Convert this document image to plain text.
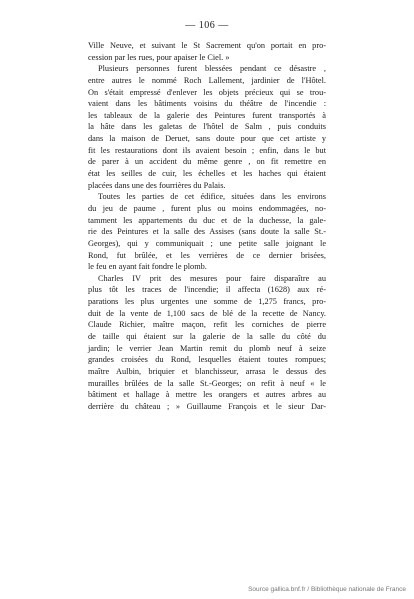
— 106 —
Ville Neuve, et suivant le St Sacrement qu'on portait en pro-
cession par les rues, pour apaiser le Ciel. »
Plusieurs personnes furent blessées pendant ce désastre ,
entre autres le nommé Roch Lallement, jardinier de l'Hôtel.
On s'était empressé d'enlever les objets précieux qui se trou-
vaient dans les bâtiments voisins du théâtre de l'incendie :
les tableaux de la galerie des Peintures furent transportés à
la hâte dans les galetas de l'hôtel de Salm , puis conduits
dans la maison de Deruet, sans doute pour que cet artiste y
fit les restaurations dont ils avaient besoin ; enfin, dans le but
de parer à un accident du même genre , on fit remettre en
état les seilles de cuir, les échelles et les haches qui étaient
placées dans une des fourrières du Palais.
Toutes les parties de cet édifice, situées dans les environs
du jeu de paume , furent plus ou moins endommagées, no-
tamment les appartements du duc et de la duchesse, la gale-
rie des Peintures et la salle des Assises (sans doute la salle St.-
Georges), qui y communiquait ; une petite salle joignant le
Rond, fut brûlée, et les verrières de ce dernier brisées,
le feu en ayant fait fondre le plomb.
Charles IV prit des mesures pour faire disparaître au
plus tôt les traces de l'incendie; il affecta (1628) aux ré-
parations les plus urgentes une somme de 1,275 francs, pro-
duit de la vente de 1,100 sacs de blé de la recette de Nancy.
Claude Richier, maître maçon, refit les corniches de pierre
de taille qui étaient sur la galerie de la salle du côté du
jardin; le verrier Jean Martin remit du plomb neuf à seize
grandes croisées du Rond, lesquelles étaient toutes rompues;
maître Aulbin, briquier et blanchisseur, arrasa le dessus des
murailles brûlées de la salle St.-Georges; on refit à neuf « le
bâtiment et hallage à mettre les orangers et autres arbres au
derrière du château ; » Guillaume François et le sieur Dar-
Source gallica.bnf.fr / Bibliothèque nationale de France
